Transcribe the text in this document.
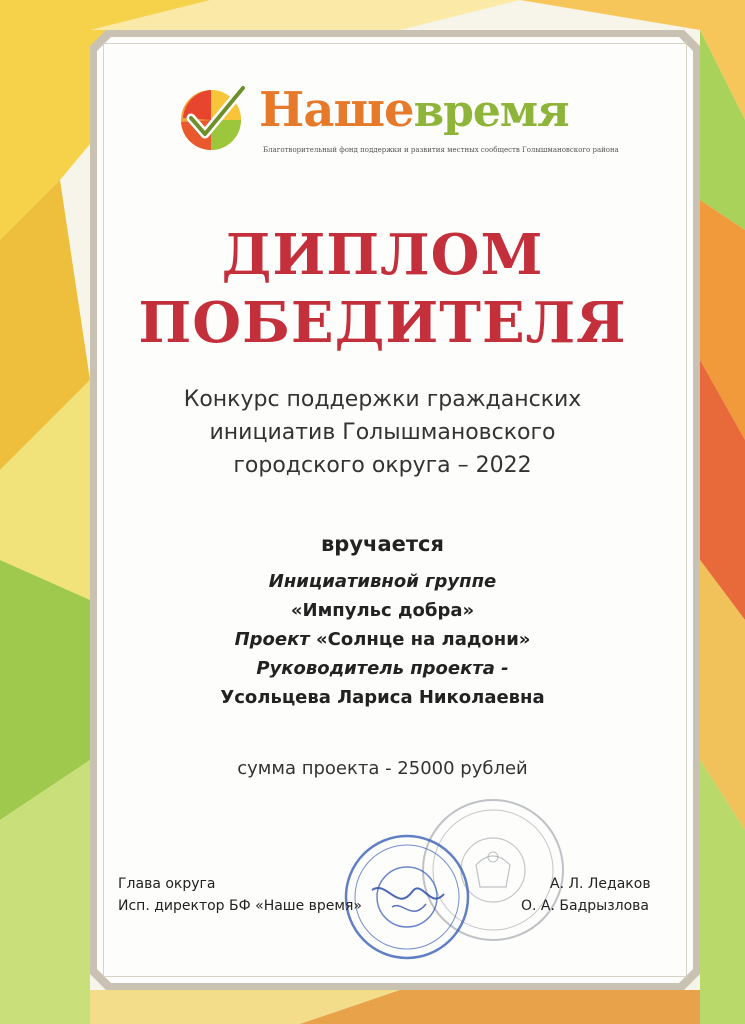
Нашевремя
Благотворительный фонд поддержки и развития местных сообществ Голышмановского района
ДИПЛОМ
ПОБЕДИТЕЛЯ
Конкурс поддержки гражданских
инициатив Голышмановского
городского округа – 2022
вручается
Инициативной группе
«Импульс добра»
Проект «Солнце на ладони»
Руководитель проекта -
Усольцева Лариса Николаевна
сумма проекта - 25000 рублей
Глава округа
Исп. директор БФ «Наше время»
А. Л. Ледаков
О. А. Бадрызлова
